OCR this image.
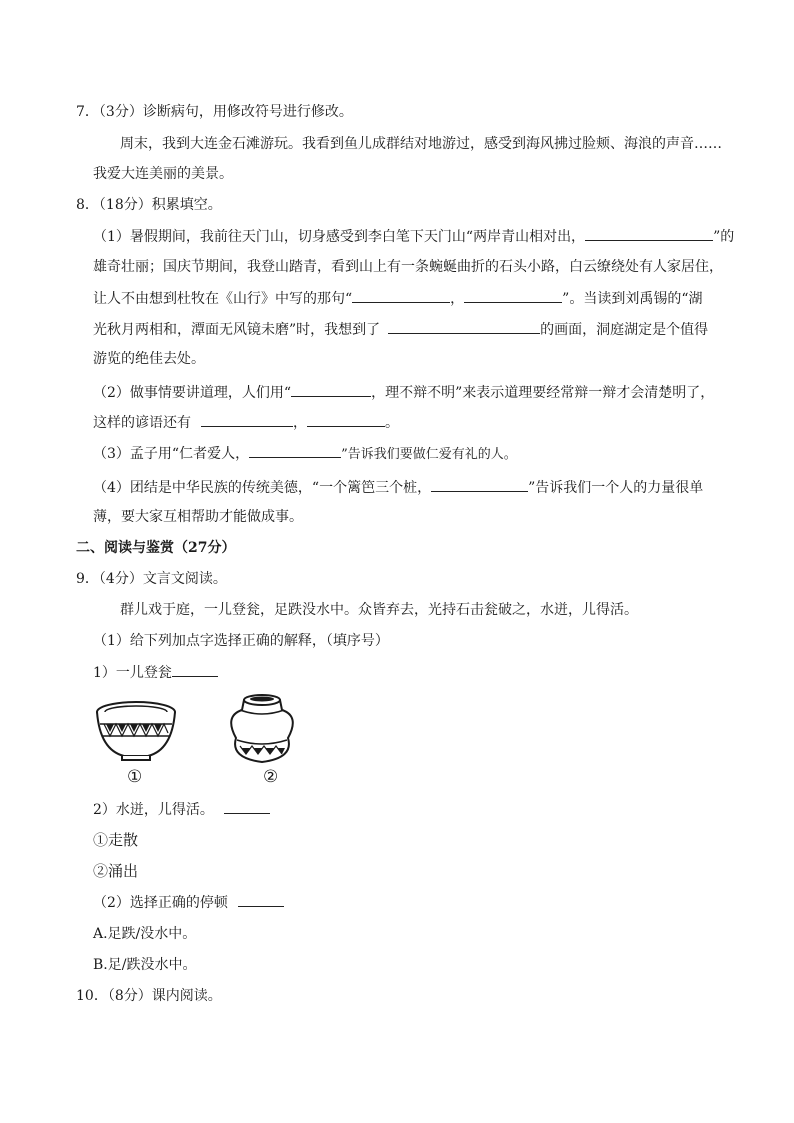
7．（3分）诊断病句，用修改符号进行修改。
周末，我到大连金石滩游玩。我看到鱼儿成群结对地游过，感受到海风拂过脸颊、海浪的声音……
我爱大连美丽的美景。
8．（18分）积累填空。
（1）暑假期间，我前往天门山，切身感受到李白笔下天门山“两岸青山相对出，	”的
雄奇壮丽；国庆节期间，我登山踏青，看到山上有一条蜿蜒曲折的石头小路，白云缭绕处有人家居住，
让人不由想到杜牧在《山行》中写的那句“	，	”。当读到刘禹锡的“湖
光秋月两相和，潭面无风镜未磨”时，我想到了	的画面，洞庭湖定是个值得
游览的绝佳去处。
（2）做事情要讲道理，人们用“	，理不辩不明”来表示道理要经常辩一辩才会清楚明了，
这样的谚语还有	，	。
（3）孟子用“仁者爱人，	”告诉我们要做仁爱有礼的人。
（4）团结是中华民族的传统美德，“一个篱笆三个桩，	”告诉我们一个人的力量很单
薄，要大家互相帮助才能做成事。
二、阅读与鉴赏（27分）
9．（4分）文言文阅读。
群儿戏于庭，一儿登瓮，足跌没水中。众皆弃去，光持石击瓮破之，水迸，儿得活。
（1）给下列加点字选择正确的解释，（填序号）
1）一儿登瓮
①	②
2）水迸，儿得活。
①走散
②涌出
（2）选择正确的停顿
A.足跌/没水中。
B.足/跌没水中。
10．（8分）课内阅读。
